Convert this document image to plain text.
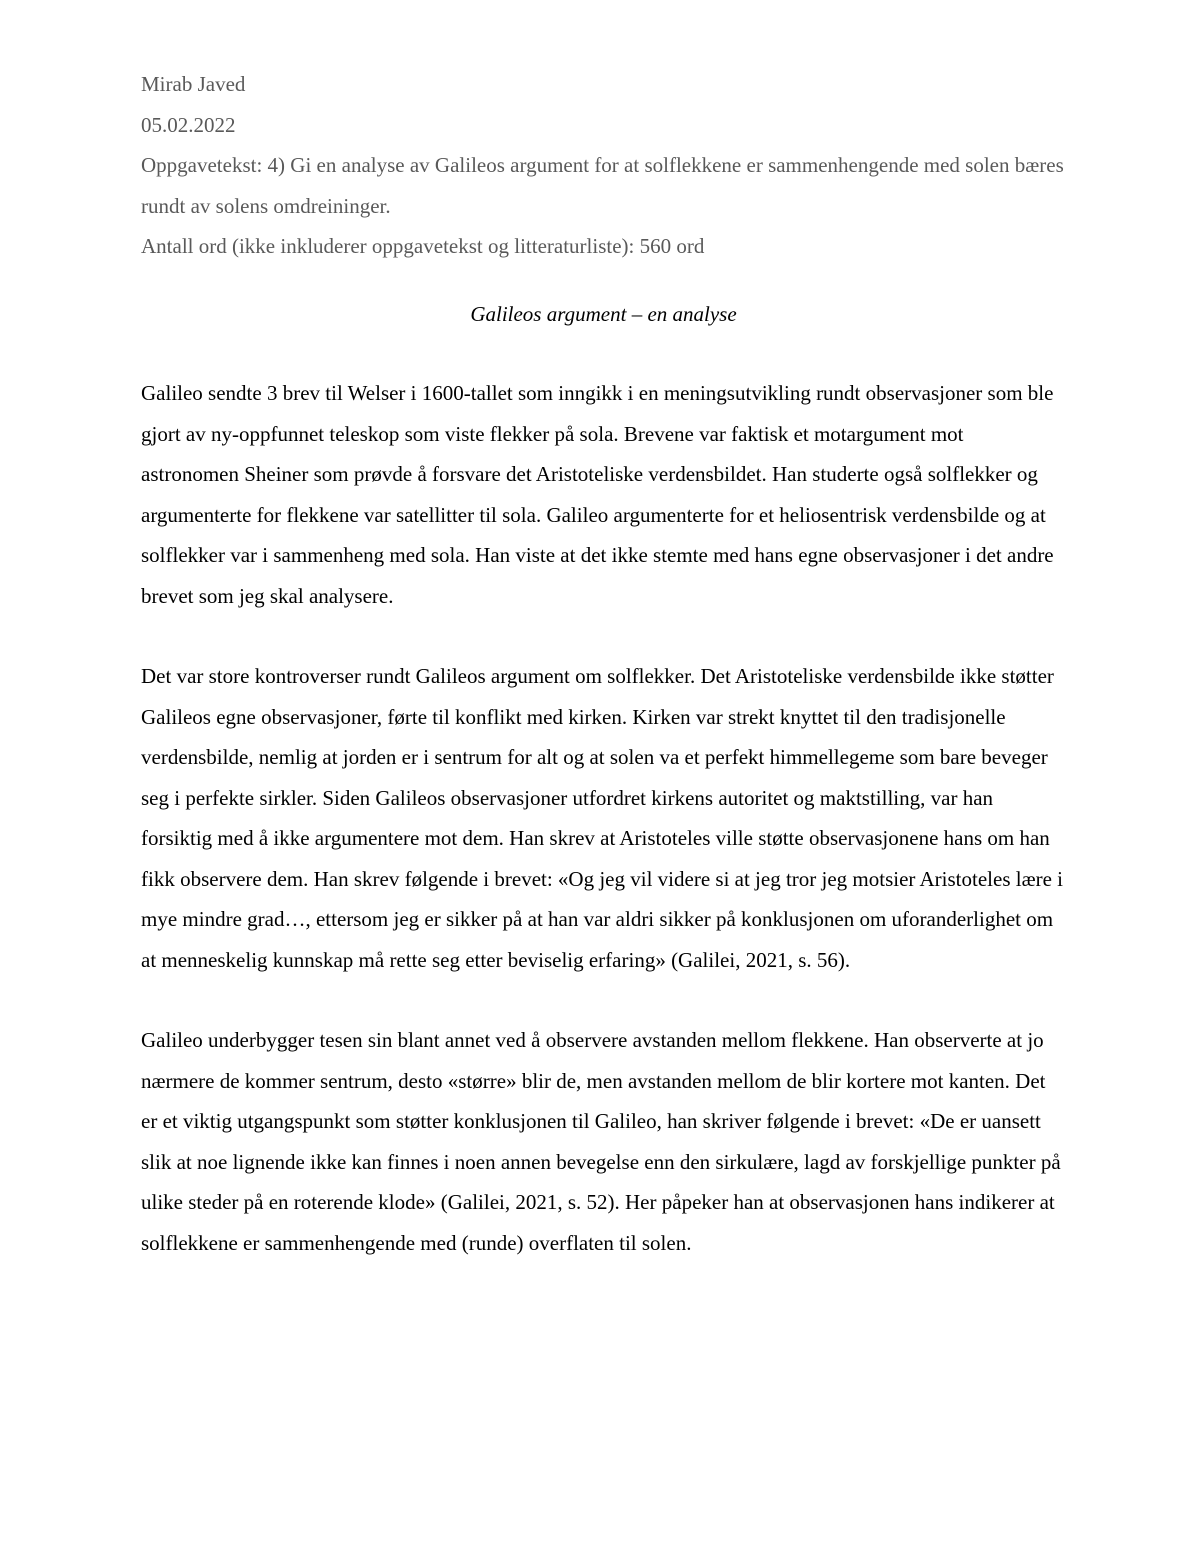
Mirab Javed

05.02.2022

Oppgavetekst: 4) Gi en analyse av Galileos argument for at solflekkene er sammenhengende med solen bæres rundt av solens omdreininger.

Antall ord (ikke inkluderer oppgavetekst og litteraturliste): 560 ord

Galileos argument – en analyse

Galileo sendte 3 brev til Welser i 1600-tallet som inngikk i en meningsutvikling rundt observasjoner som ble gjort av ny-oppfunnet teleskop som viste flekker på sola. Brevene var faktisk et motargument mot astronomen Sheiner som prøvde å forsvare det Aristoteliske verdensbildet. Han studerte også solflekker og argumenterte for flekkene var satellitter til sola. Galileo argumenterte for et heliosentrisk verdensbilde og at solflekker var i sammenheng med sola. Han viste at det ikke stemte med hans egne observasjoner i det andre brevet som jeg skal analysere.

Det var store kontroverser rundt Galileos argument om solflekker. Det Aristoteliske verdensbilde ikke støtter Galileos egne observasjoner, førte til konflikt med kirken. Kirken var strekt knyttet til den tradisjonelle verdensbilde, nemlig at jorden er i sentrum for alt og at solen va et perfekt himmellegeme som bare beveger seg i perfekte sirkler. Siden Galileos observasjoner utfordret kirkens autoritet og maktstilling, var han forsiktig med å ikke argumentere mot dem. Han skrev at Aristoteles ville støtte observasjonene hans om han fikk observere dem. Han skrev følgende i brevet: «Og jeg vil videre si at jeg tror jeg motsier Aristoteles lære i mye mindre grad…, ettersom jeg er sikker på at han var aldri sikker på konklusjonen om uforanderlighet om at menneskelig kunnskap må rette seg etter beviselig erfaring» (Galilei, 2021, s. 56).

Galileo underbygger tesen sin blant annet ved å observere avstanden mellom flekkene. Han observerte at jo nærmere de kommer sentrum, desto «større» blir de, men avstanden mellom de blir kortere mot kanten. Det er et viktig utgangspunkt som støtter konklusjonen til Galileo, han skriver følgende i brevet: «De er uansett slik at noe lignende ikke kan finnes i noen annen bevegelse enn den sirkulære, lagd av forskjellige punkter på ulike steder på en roterende klode» (Galilei, 2021, s. 52). Her påpeker han at observasjonen hans indikerer at solflekkene er sammenhengende med (runde) overflaten til solen.
